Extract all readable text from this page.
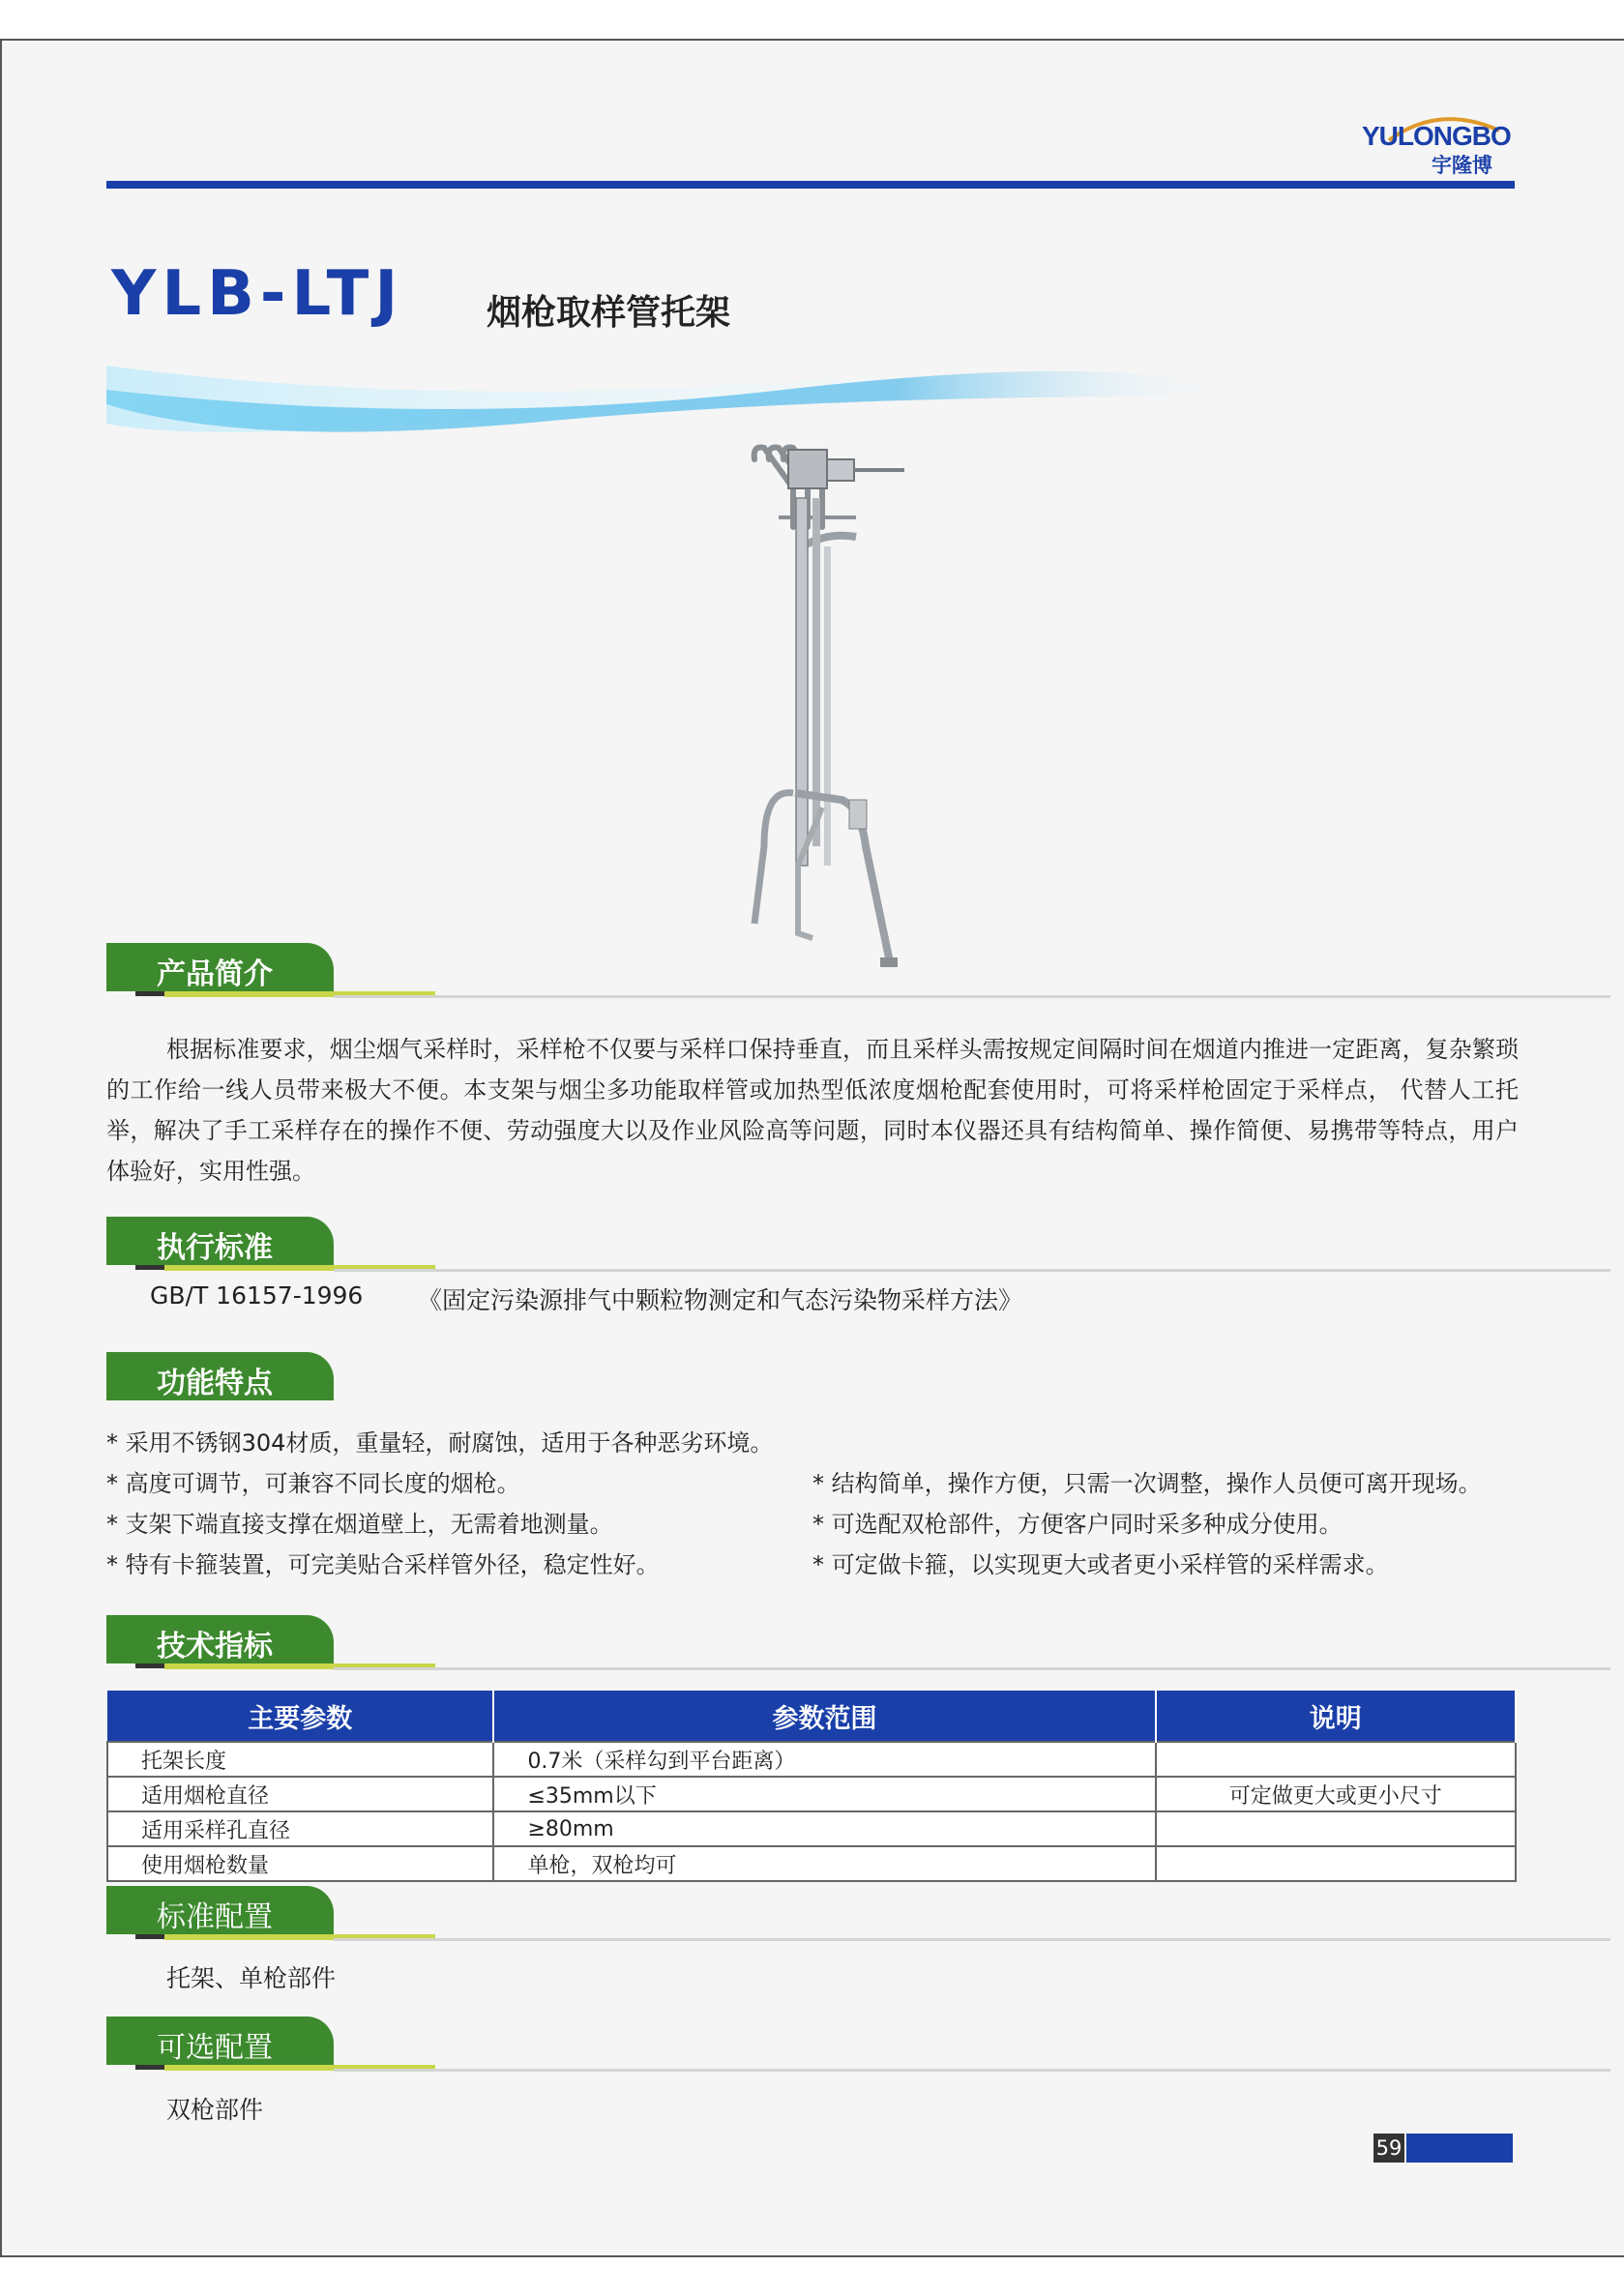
YULONGBO
宇隆博
YLB-LTJ 烟枪取样管托架
产品简介

根据标准要求，烟尘烟气采样时，采样枪不仅要与采样口保持垂直，而且采样头需按规定间隔时间在烟道内推进一定距离，复杂繁琐的工作给一线人员带来极大不便。本支架与烟尘多功能取样管或加热型低浓度烟枪配套使用时，可将采样枪固定于采样点， 代替人工托举，解决了手工采样存在的操作不便、劳动强度大以及作业风险高等问题，同时本仪器还具有结构简单、操作简便、易携带等特点，用户体验好，实用性强。

执行标准
GB/T 16157-1996 《固定污染源排气中颗粒物测定和气态污染物采样方法》
功能特点
* 采用不锈钢304材质，重量轻，耐腐蚀，适用于各种恶劣环境。
* 高度可调节，可兼容不同长度的烟枪。
* 支架下端直接支撑在烟道壁上，无需着地测量。
* 特有卡箍装置，可完美贴合采样管外径，稳定性好。
* 结构简单，操作方便，只需一次调整，操作人员便可离开现场。
* 可选配双枪部件，方便客户同时采多种成分使用。
* 可定做卡箍，以实现更大或者更小采样管的采样需求。
技术指标
主要参数	参数范围	说明
托架长度	0.7米（采样勾到平台距离）	
适用烟枪直径	≤35mm以下	可定做更大或更小尺寸
适用采样孔直径	≥80mm	
使用烟枪数量	单枪，双枪均可	
标准配置
托架、单枪部件
可选配置
双枪部件
59
